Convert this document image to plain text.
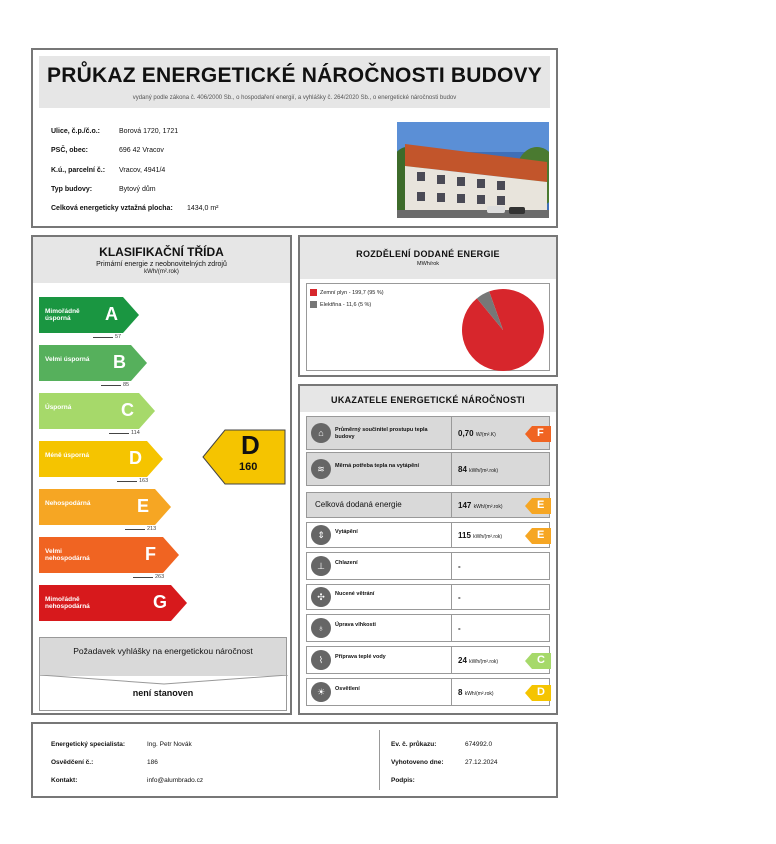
PRŮKAZ ENERGETICKÉ NÁROČNOSTI BUDOVY
vydaný podle zákona č. 406/2000 Sb., o hospodaření energií, a vyhlášky č. 264/2020 Sb., o energetické náročnosti budov
Ulice, č.p./č.o.:	Borová 1720, 1721
PSČ, obec:	696 42 Vracov
K.ú., parcelní č.: Vracov, 4941/4
Typ budovy:	Bytový dům
Celková energeticky vztažná plocha: 1434,0 m²
KLASIFIKAČNÍ TŘÍDA
Primární energie z neobnovitelných zdrojů
kWh/(m².rok)
Mimořádně úsporná	A
Velmi úsporná	B
Úsporná	C
Méně úsporná	D
Nehospodárná	E
Velmi nehospodárná	F
Mimořádně nehospodárná	G
57
85
114
163
213
263
D
160
Požadavek vyhlášky na energetickou náročnost
není stanoven
ROZDĚLENÍ DODANÉ ENERGIE
MWh/rok
Zemní plyn - 199,7 (95 %)
Elektřina - 11,6 (5 %)
UKAZATELE ENERGETICKÉ NÁROČNOSTI
⌂	Průměrný součinitel prostupu tepla budovy	0,70 W/(m².K)	F
≋	Měrná potřeba tepla na vytápění	84 kWh/(m².rok)
Celková dodaná energie	147 kWh/(m².rok)	E
⇕	Vytápění	115 kWh/(m².rok)	E
⊥	Chlazení	-
✣	Nucené větrání	-
♁	Úprava vlhkosti	-
⌇	Příprava teplé vody	24 kWh/(m².rok)	C
☀	Osvětlení	8 kWh/(m².rok)	D
Energetický specialista:	Ing. Petr Novák
Osvědčení č.:	186
Kontakt:	info@alumbrado.cz
Ev. č. průkazu:	674992.0
Vyhotoveno dne:	27.12.2024
Podpis:
